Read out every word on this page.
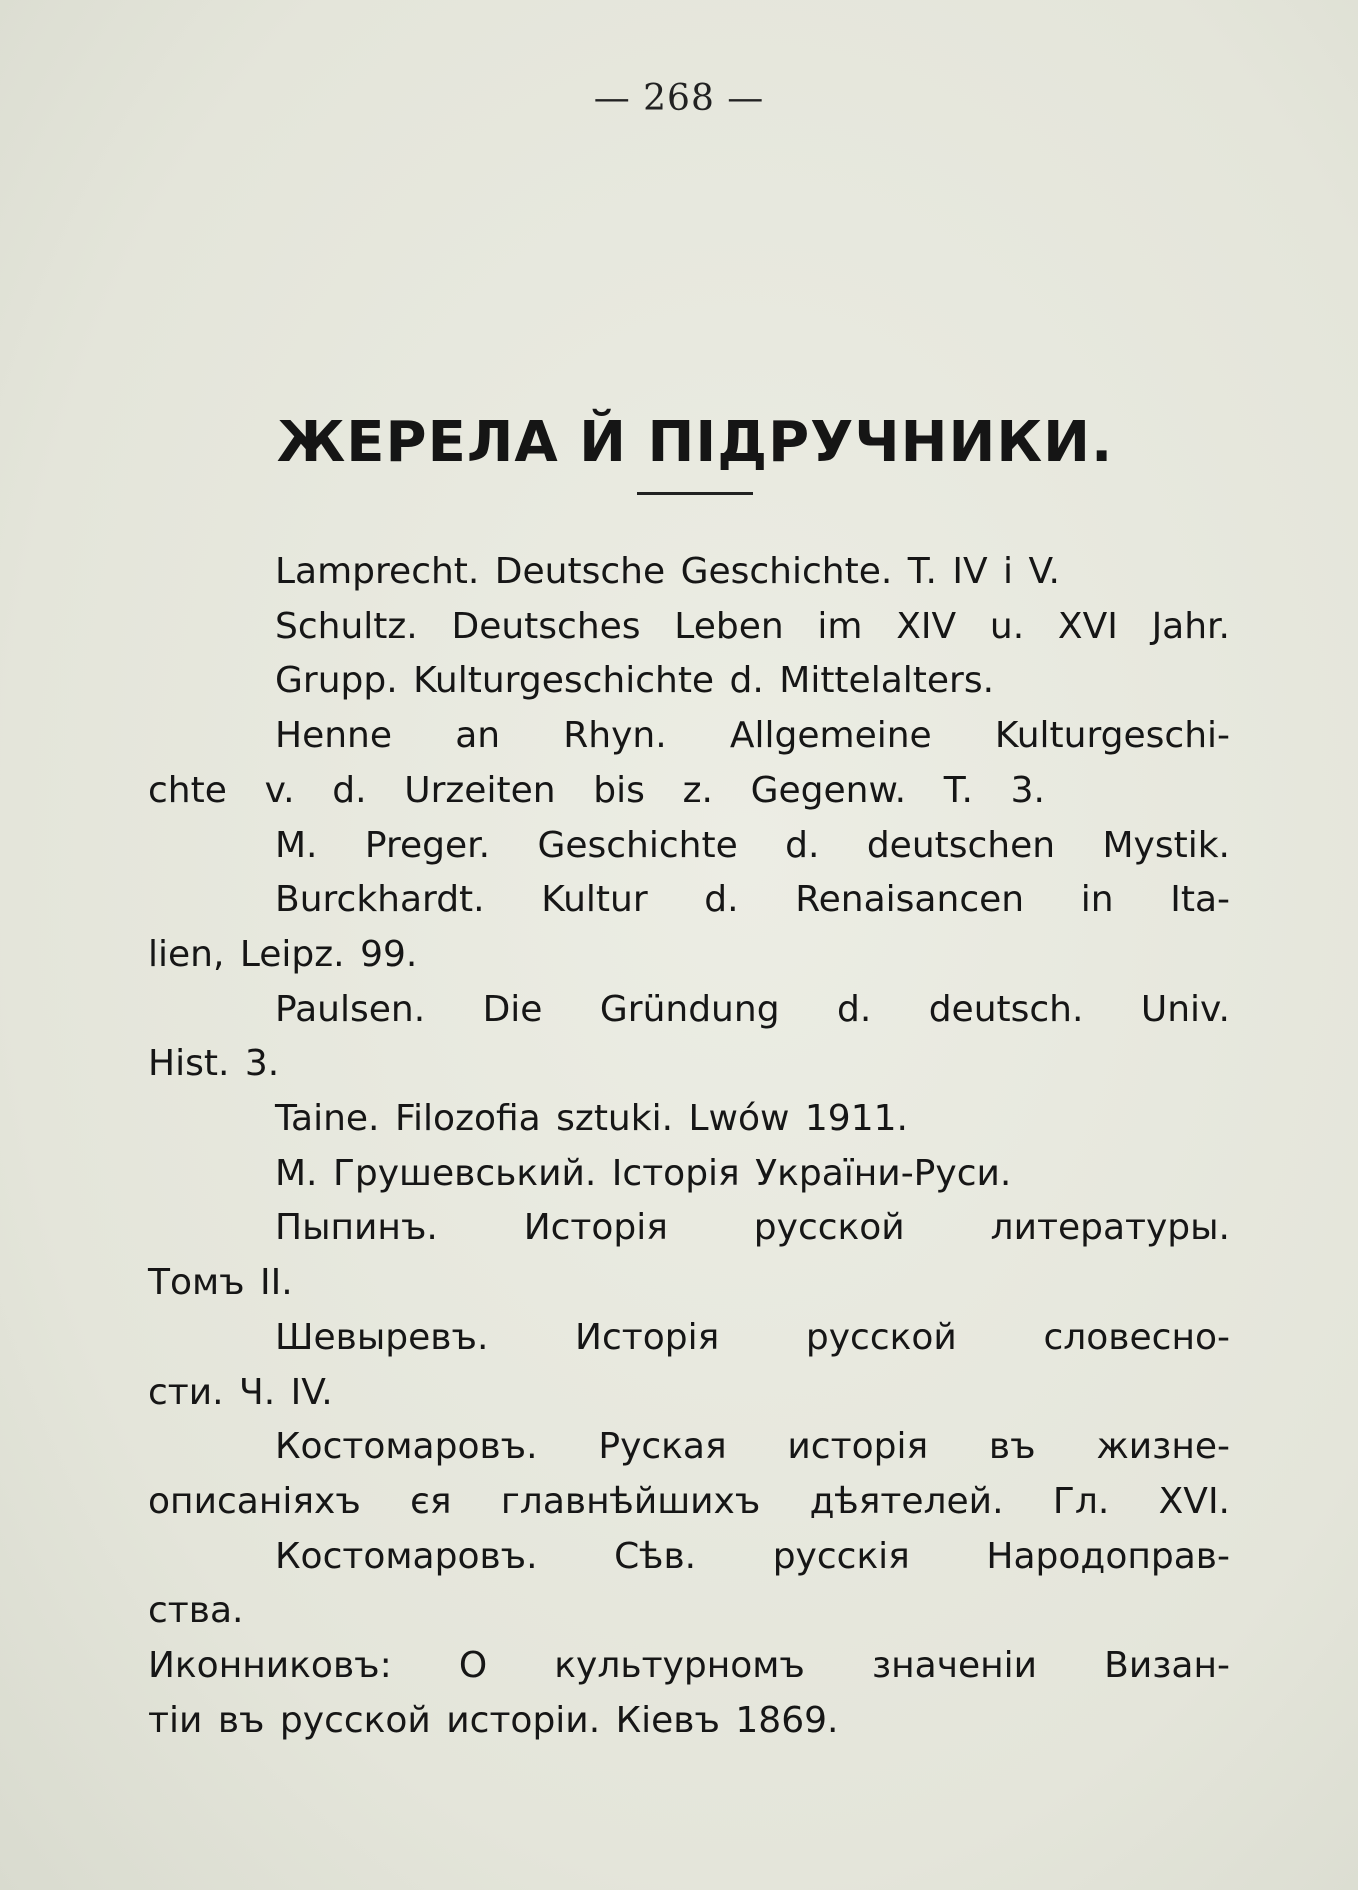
— 268 —
ЖЕРЕЛА Й ПІДРУЧНИКИ.
Lamprecht. Deutsche Geschichte. T. IV i V.
Schultz. Deutsches Leben im XIV u. XVI Jahr.
Grupp. Kulturgeschichte d. Mittelalters.
Henne an Rhyn. Allgemeine Kulturgeschi-
chte v. d. Urzeiten bis z. Gegenw. T. 3.
M. Preger. Geschichte d. deutschen Mystik.
Burckhardt. Kultur d. Renaisancen in Ita-
lien, Leipz. 99.
Paulsen. Die Gründung d. deutsch. Univ.
Hist. 3.
Taine. Filozofia sztuki. Lwów 1911.
M. Грушевський. Історія України-Руси.
Пыпинъ. Исторія русской литературы.
Томъ II.
Шевыревъ. Исторія русской словесно-
сти. Ч. IV.
Костомаровъ. Руская исторія въ жизне-
описаніяхъ єя главнѣйшихъ дѣятелей. Гл. XVI.
Костомаровъ. Сѣв. русскія Народоправ-
ства.
Иконниковъ: О культурномъ значеніи Визан-
тіи въ русской исторіи. Кіевъ 1869.
